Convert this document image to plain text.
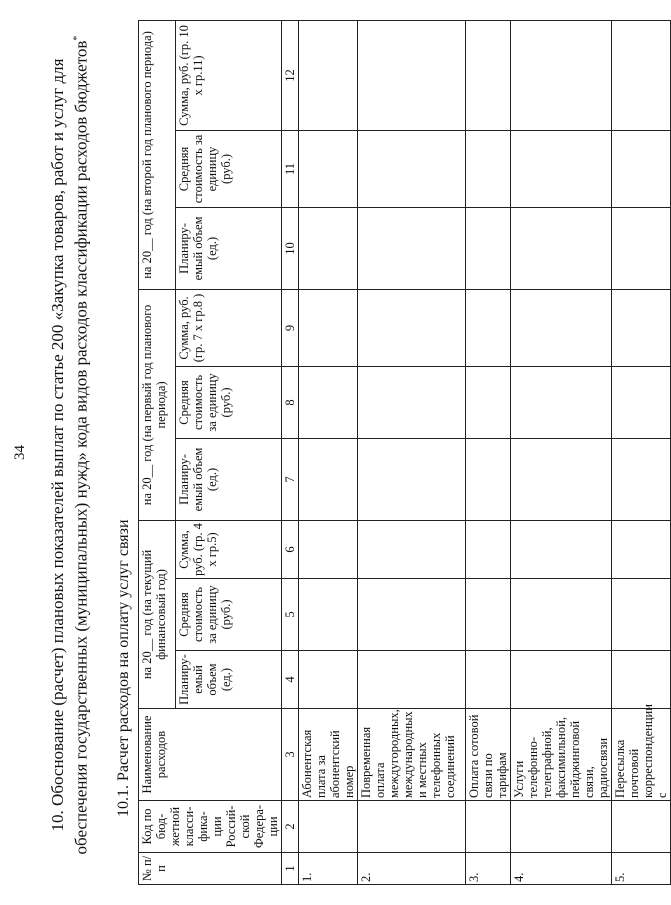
34 10. Обоснование (расчет) плановых показателей выплат по статье 200 «Закупка товаров, работ и услуг для обеспечения государственных (муниципальных) нужд» кода видов расходов классификации расходов бюджетов*
10.1. Расчет расходов на оплату услуг связи
№ п/п	Код по бюд-жетной класси-фика-ции Россий-ской Федера-ции	Наименование расходов	на 20__ год (на текущий финансовый год)			на 20__ год (на первый год планового периода)			на 20__ год (на второй год планового периода)		
			Планиру-емый объем (ед.)	Средняя стоимость за единицу (руб.)	Сумма, руб. (гр. 4 х гр.5)	Планиру-емый объем (ед.)	Средняя стоимость за единицу (руб.)	Сумма, руб. (гр. 7 х гр.8 )	Планиру-емый объем (ед.)	Средняя стоимость за единицу (руб.)	Сумма, руб. (гр. 10 х гр.11)
1	2	3	4	5	6	7	8	9	10	11	12
1.		Абонентская плата за абонентский номер									
2.		Повременная оплата междугородных, международных и местных телефонных соединений									
3.		Оплата сотовой связи по тарифам									
4.		Услуги телефонно-телеграфной, факсимильной, пейджинговой связи, радиосвязи									
5.		Пересылка почтовой корреспонденции с									
